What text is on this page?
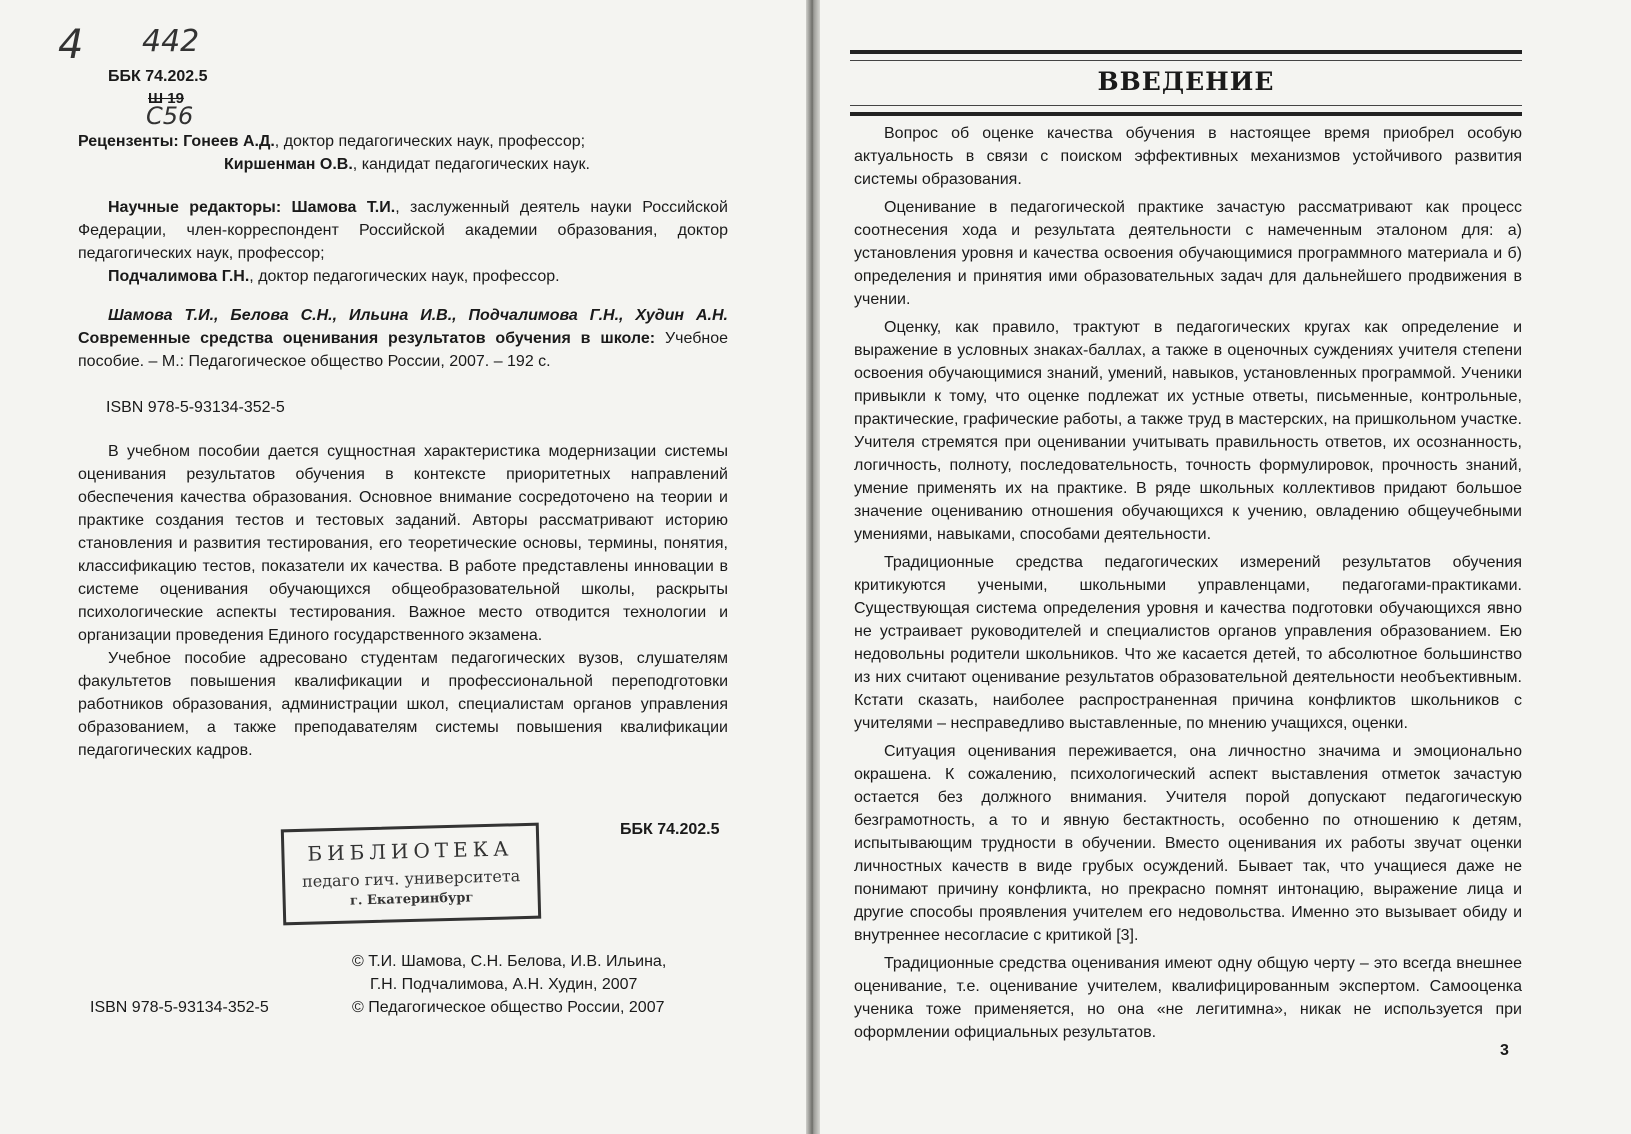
4 442
С56
ББК 74.202.5
Ш 19

Рецензенты: Гонеев А.Д., доктор педагогических наук, профессор;

Киршенман О.В., кандидат педагогических наук.

Научные редакторы: Шамова Т.И., заслуженный деятель науки Российской Федерации, член-корреспондент Российской академии образования, доктор педагогических наук, профессор;

Подчалимова Г.Н., доктор педагогических наук, профессор.

Шамова Т.И., Белова С.Н., Ильина И.В., Подчалимова Г.Н., Худин А.Н. Современные средства оценивания результатов обучения в школе: Учебное пособие. – М.: Педагогическое общество России, 2007. – 192 с.

ISBN 978-5-93134-352-5

В учебном пособии дается сущностная характеристика модернизации системы оценивания результатов обучения в контексте приоритетных направлений обеспечения качества образования. Основное внимание сосредоточено на теории и практике создания тестов и тестовых заданий. Авторы рассматривают историю становления и развития тестирования, его теоретические основы, термины, понятия, классификацию тестов, показатели их качества. В работе представлены инновации в системе оценивания обучающихся общеобразовательной школы, раскрыты психологические аспекты тестирования. Важное место отводится технологии и организации проведения Единого государственного экзамена.

Учебное пособие адресовано студентам педагогических вузов, слушателям факультетов повышения квалификации и профессиональной переподготовки работников образования, администрации школ, специалистам органов управления образованием, а также преподавателям системы повышения квалификации педагогических кадров.

ББК 74.202.5
БИБЛИОТЕКА
педаго гич. университета
г. Екатеринбург

© Т.И. Шамова, С.Н. Белова, И.В. Ильина,

Г.Н. Подчалимова, А.Н. Худин, 2007

© Педагогическое общество России, 2007

ISBN 978-5-93134-352-5
ВВЕДЕНИЕ

Вопрос об оценке качества обучения в настоящее время приобрел особую актуальность в связи с поиском эффективных механизмов устойчивого развития системы образования.

Оценивание в педагогической практике зачастую рассматривают как процесс соотнесения хода и результата деятельности с намеченным эталоном для: а) установления уровня и качества освоения обучающимися программного материала и б) определения и принятия ими образовательных задач для дальнейшего продвижения в учении.

Оценку, как правило, трактуют в педагогических кругах как определение и выражение в условных знаках-баллах, а также в оценочных суждениях учителя степени освоения обучающимися знаний, умений, навыков, установленных программой. Ученики привыкли к тому, что оценке подлежат их устные ответы, письменные, контрольные, практические, графические работы, а также труд в мастерских, на пришкольном участке. Учителя стремятся при оценивании учитывать правильность ответов, их осознанность, логичность, полноту, последовательность, точность формулировок, прочность знаний, умение применять их на практике. В ряде школьных коллективов придают большое значение оцениванию отношения обучающихся к учению, овладению общеучебными умениями, навыками, способами деятельности.

Традиционные средства педагогических измерений результатов обучения критикуются учеными, школьными управленцами, педагогами-практиками. Существующая система определения уровня и качества подготовки обучающихся явно не устраивает руководителей и специалистов органов управления образованием. Ею недовольны родители школьников. Что же касается детей, то абсолютное большинство из них считают оценивание результатов образовательной деятельности необъективным. Кстати сказать, наиболее распространенная причина конфликтов школьников с учителями – несправедливо выставленные, по мнению учащихся, оценки.

Ситуация оценивания переживается, она личностно значима и эмоционально окрашена. К сожалению, психологический аспект выставления отметок зачастую остается без должного внимания. Учителя порой допускают педагогическую безграмотность, а то и явную бестактность, особенно по отношению к детям, испытывающим трудности в обучении. Вместо оценивания их работы звучат оценки личностных качеств в виде грубых осуждений. Бывает так, что учащиеся даже не понимают причину конфликта, но прекрасно помнят интонацию, выражение лица и другие способы проявления учителем его недовольства. Именно это вызывает обиду и внутреннее несогласие с критикой [3].

Традиционные средства оценивания имеют одну общую черту – это всегда внешнее оценивание, т.е. оценивание учителем, квалифицированным экспертом. Самооценка ученика тоже применяется, но она «не легитимна», никак не используется при оформлении официальных результатов.

3
